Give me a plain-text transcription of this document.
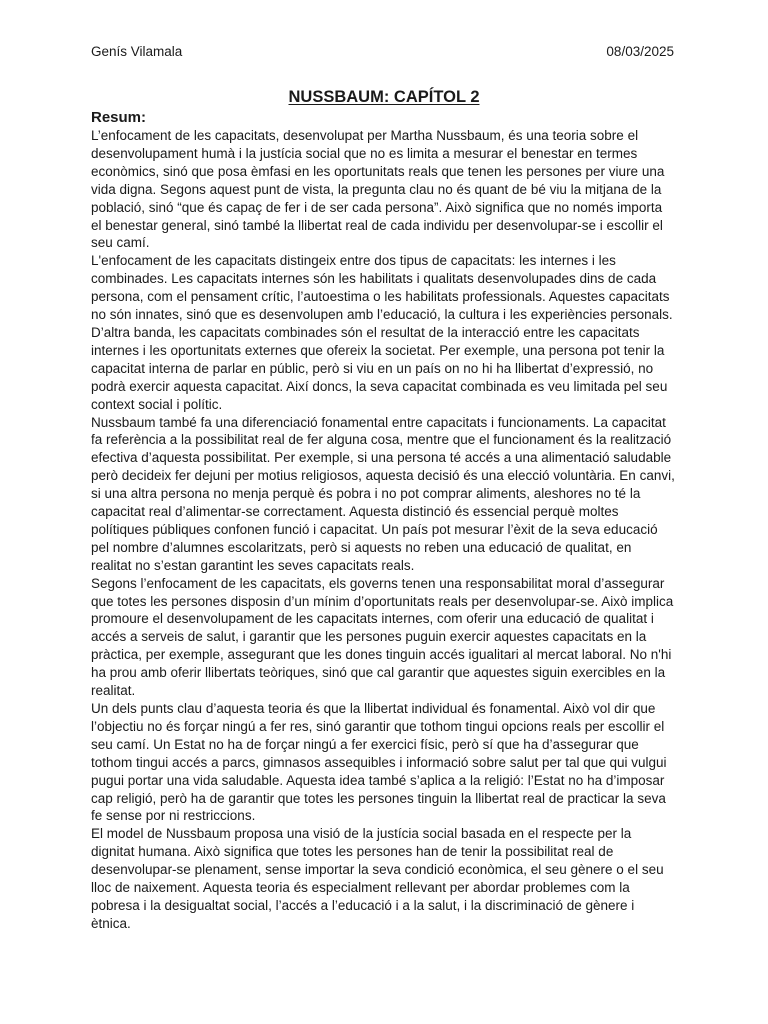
Genís Vilamala	08/03/2025
NUSSBAUM: CAPÍTOL 2
Resum:

L’enfocament de les capacitats, desenvolupat per Martha Nussbaum, és una teoria sobre el desenvolupament humà i la justícia social que no es limita a mesurar el benestar en termes econòmics, sinó que posa èmfasi en les oportunitats reals que tenen les persones per viure una vida digna. Segons aquest punt de vista, la pregunta clau no és quant de bé viu la mitjana de la població, sinó “que és capaç de fer i de ser cada persona”. Això significa que no només importa el benestar general, sinó també la llibertat real de cada individu per desenvolupar-se i escollir el seu camí.

L'enfocament de les capacitats distingeix entre dos tipus de capacitats: les internes i les combinades. Les capacitats internes són les habilitats i qualitats desenvolupades dins de cada persona, com el pensament crític, l’autoestima o les habilitats professionals. Aquestes capacitats no són innates, sinó que es desenvolupen amb l’educació, la cultura i les experiències personals. D’altra banda, les capacitats combinades són el resultat de la interacció entre les capacitats internes i les oportunitats externes que ofereix la societat. Per exemple, una persona pot tenir la capacitat interna de parlar en públic, però si viu en un país on no hi ha llibertat d’expressió, no podrà exercir aquesta capacitat. Així doncs, la seva capacitat combinada es veu limitada pel seu context social i polític.

Nussbaum també fa una diferenciació fonamental entre capacitats i funcionaments. La capacitat fa referència a la possibilitat real de fer alguna cosa, mentre que el funcionament és la realització efectiva d’aquesta possibilitat. Per exemple, si una persona té accés a una alimentació saludable però decideix fer dejuni per motius religiosos, aquesta decisió és una elecció voluntària. En canvi, si una altra persona no menja perquè és pobra i no pot comprar aliments, aleshores no té la capacitat real d’alimentar-se correctament. Aquesta distinció és essencial perquè moltes polítiques públiques confonen funció i capacitat. Un país pot mesurar l’èxit de la seva educació pel nombre d’alumnes escolaritzats, però si aquests no reben una educació de qualitat, en realitat no s’estan garantint les seves capacitats reals.

Segons l’enfocament de les capacitats, els governs tenen una responsabilitat moral d’assegurar que totes les persones disposin d’un mínim d’oportunitats reals per desenvolupar-se. Això implica promoure el desenvolupament de les capacitats internes, com oferir una educació de qualitat i accés a serveis de salut, i garantir que les persones puguin exercir aquestes capacitats en la pràctica, per exemple, assegurant que les dones tinguin accés igualitari al mercat laboral. No n'hi ha prou amb oferir llibertats teòriques, sinó que cal garantir que aquestes siguin exercibles en la realitat.

Un dels punts clau d’aquesta teoria és que la llibertat individual és fonamental. Això vol dir que l’objectiu no és forçar ningú a fer res, sinó garantir que tothom tingui opcions reals per escollir el seu camí. Un Estat no ha de forçar ningú a fer exercici físic, però sí que ha d’assegurar que tothom tingui accés a parcs, gimnasos assequibles i informació sobre salut per tal que qui vulgui pugui portar una vida saludable. Aquesta idea també s’aplica a la religió: l’Estat no ha d’imposar cap religió, però ha de garantir que totes les persones tinguin la llibertat real de practicar la seva fe sense por ni restriccions.

El model de Nussbaum proposa una visió de la justícia social basada en el respecte per la dignitat humana. Això significa que totes les persones han de tenir la possibilitat real de desenvolupar-se plenament, sense importar la seva condició econòmica, el seu gènere o el seu lloc de naixement. Aquesta teoria és especialment rellevant per abordar problemes com la pobresa i la desigualtat social, l’accés a l’educació i a la salut, i la discriminació de gènere i ètnica.
